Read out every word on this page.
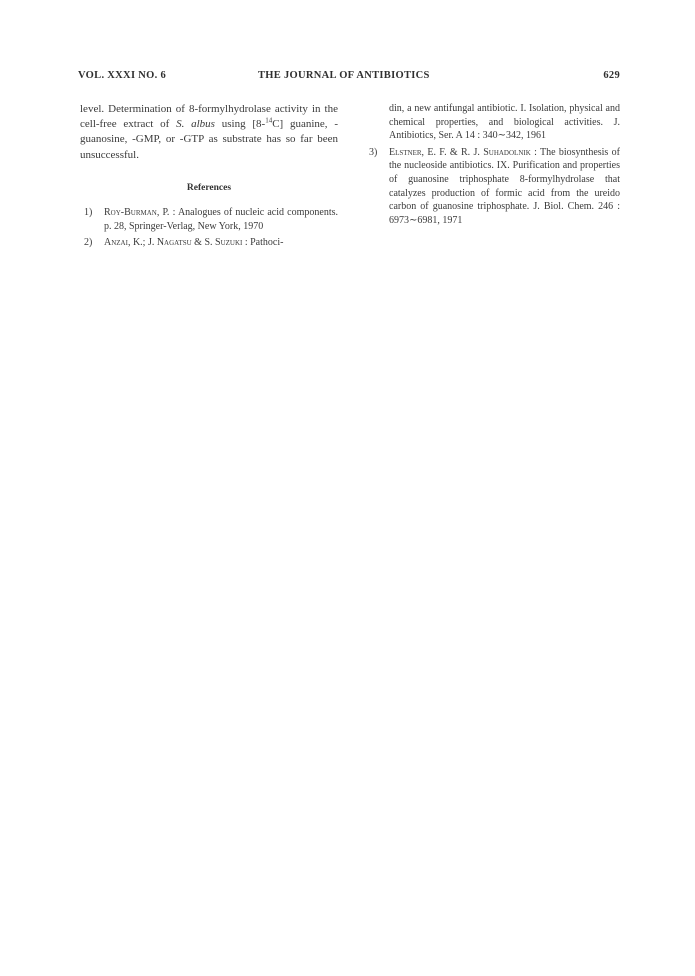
VOL. XXXI NO. 6	THE JOURNAL OF ANTIBIOTICS	629

level. Determination of 8-formylhydrolase activity in the cell-free extract of S. albus using [8-$^{14}$C] guanine, -guanosine, -GMP, or -GTP as substrate has so far been unsuccessful.

References
1) Roy-Burman, P. : Analogues of nucleic acid components. p. 28, Springer-Verlag, New York, 1970
2) Anzai, K.; J. Nagatsu & S. Suzuki : Pathoci-
din, a new antifungal antibiotic. I. Isolation, physical and chemical properties, and biological activities. J. Antibiotics, Ser. A 14 : 340∼342, 1961
3) Elstner, E. F. & R. J. Suhadolnik : The biosynthesis of the nucleoside antibiotics. IX. Purification and properties of guanosine triphosphate 8-formylhydrolase that catalyzes production of formic acid from the ureido carbon of guanosine triphosphate. J. Biol. Chem. 246 : 6973∼6981, 1971
